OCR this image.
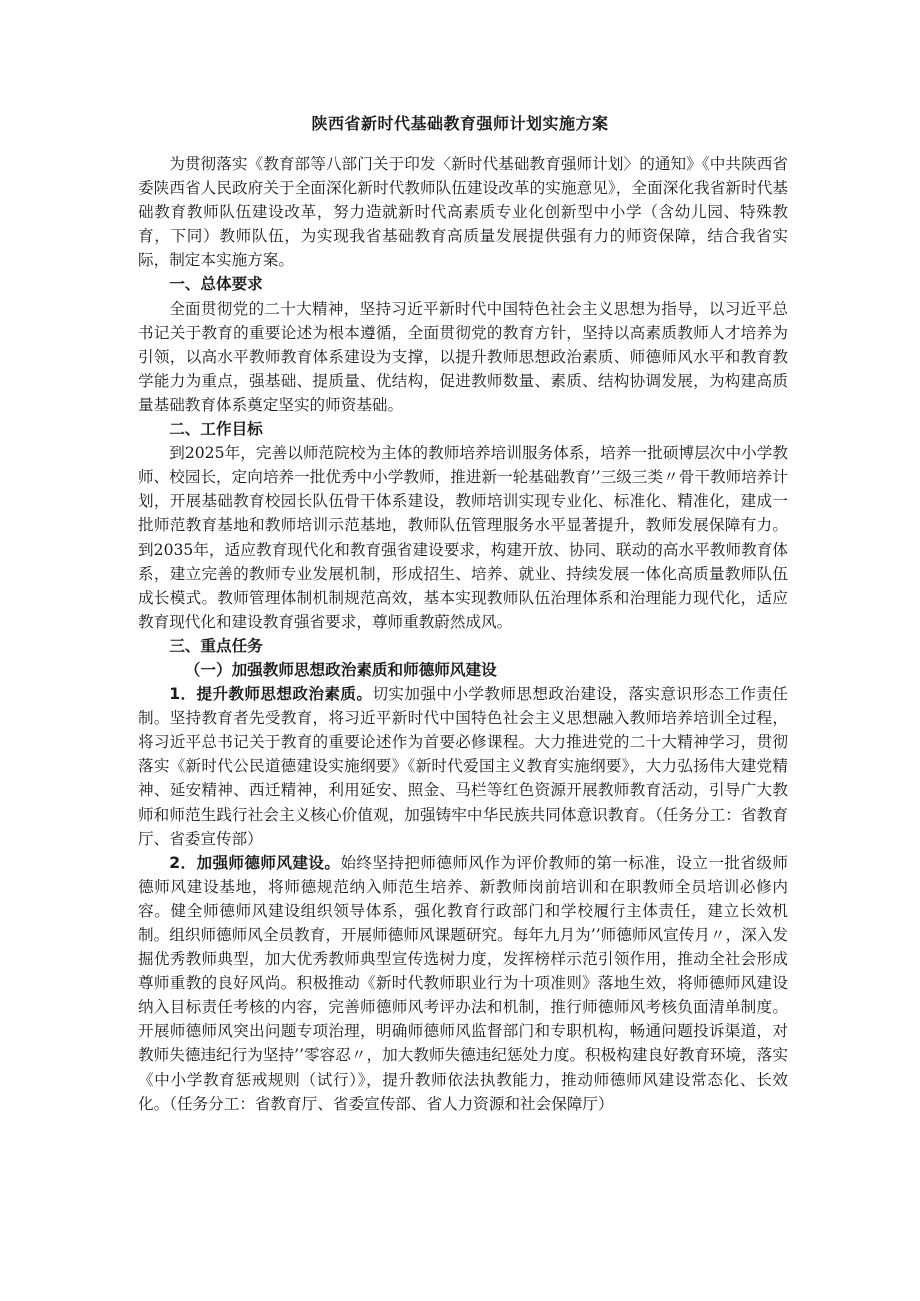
陕西省新时代基础教育强师计划实施方案

为贯彻落实《教育部等八部门关于印发〈新时代基础教育强师计划〉的通知》《中共陕西省委陕西省人民政府关于全面深化新时代教师队伍建设改革的实施意见》，全面深化我省新时代基础教育教师队伍建设改革，努力造就新时代高素质专业化创新型中小学（含幼儿园、特殊教育，下同）教师队伍，为实现我省基础教育高质量发展提供强有力的师资保障，结合我省实际，制定本实施方案。

一、总体要求

全面贯彻党的二十大精神，坚持习近平新时代中国特色社会主义思想为指导，以习近平总书记关于教育的重要论述为根本遵循，全面贯彻党的教育方针，坚持以高素质教师人才培养为引领，以高水平教师教育体系建设为支撑，以提升教师思想政治素质、师德师风水平和教育教学能力为重点，强基础、提质量、优结构，促进教师数量、素质、结构协调发展，为构建高质量基础教育体系奠定坚实的师资基础。

二、工作目标

到2025年，完善以师范院校为主体的教师培养培训服务体系，培养一批硕博层次中小学教师、校园长，定向培养一批优秀中小学教师，推进新一轮基础教育’’三级三类〃骨干教师培养计划，开展基础教育校园长队伍骨干体系建设，教师培训实现专业化、标准化、精准化，建成一批师范教育基地和教师培训示范基地，教师队伍管理服务水平显著提升，教师发展保障有力。到2035年，适应教育现代化和教育强省建设要求，构建开放、协同、联动的高水平教师教育体系，建立完善的教师专业发展机制，形成招生、培养、就业、持续发展一体化高质量教师队伍成长模式。教师管理体制机制规范高效，基本实现教师队伍治理体系和治理能力现代化，适应教育现代化和建设教育强省要求，尊师重教蔚然成风。

三、重点任务

（一）加强教师思想政治素质和师德师风建设

1．提升教师思想政治素质。切实加强中小学教师思想政治建设，落实意识形态工作责任制。坚持教育者先受教育，将习近平新时代中国特色社会主义思想融入教师培养培训全过程，将习近平总书记关于教育的重要论述作为首要必修课程。大力推进党的二十大精神学习，贯彻落实《新时代公民道德建设实施纲要》《新时代爱国主义教育实施纲要》，大力弘扬伟大建党精神、延安精神、西迁精神，利用延安、照金、马栏等红色资源开展教师教育活动，引导广大教师和师范生践行社会主义核心价值观，加强铸牢中华民族共同体意识教育。（任务分工：省教育厅、省委宣传部）

2．加强师德师风建设。始终坚持把师德师风作为评价教师的第一标准，设立一批省级师德师风建设基地，将师德规范纳入师范生培养、新教师岗前培训和在职教师全员培训必修内容。健全师德师风建设组织领导体系，强化教育行政部门和学校履行主体责任，建立长效机制。组织师德师风全员教育，开展师德师风课题研究。每年九月为’’师德师风宣传月〃，深入发掘优秀教师典型，加大优秀教师典型宣传选树力度，发挥榜样示范引领作用，推动全社会形成尊师重教的良好风尚。积极推动《新时代教师职业行为十项准则》落地生效，将师德师风建设纳入目标责任考核的内容，完善师德师风考评办法和机制，推行师德师风考核负面清单制度。开展师德师风突出问题专项治理，明确师德师风监督部门和专职机构，畅通问题投诉渠道，对教师失德违纪行为坚持’’零容忍〃，加大教师失德违纪惩处力度。积极构建良好教育环境，落实《中小学教育惩戒规则（试行）》，提升教师依法执教能力，推动师德师风建设常态化、长效化。（任务分工：省教育厅、省委宣传部、省人力资源和社会保障厅）
